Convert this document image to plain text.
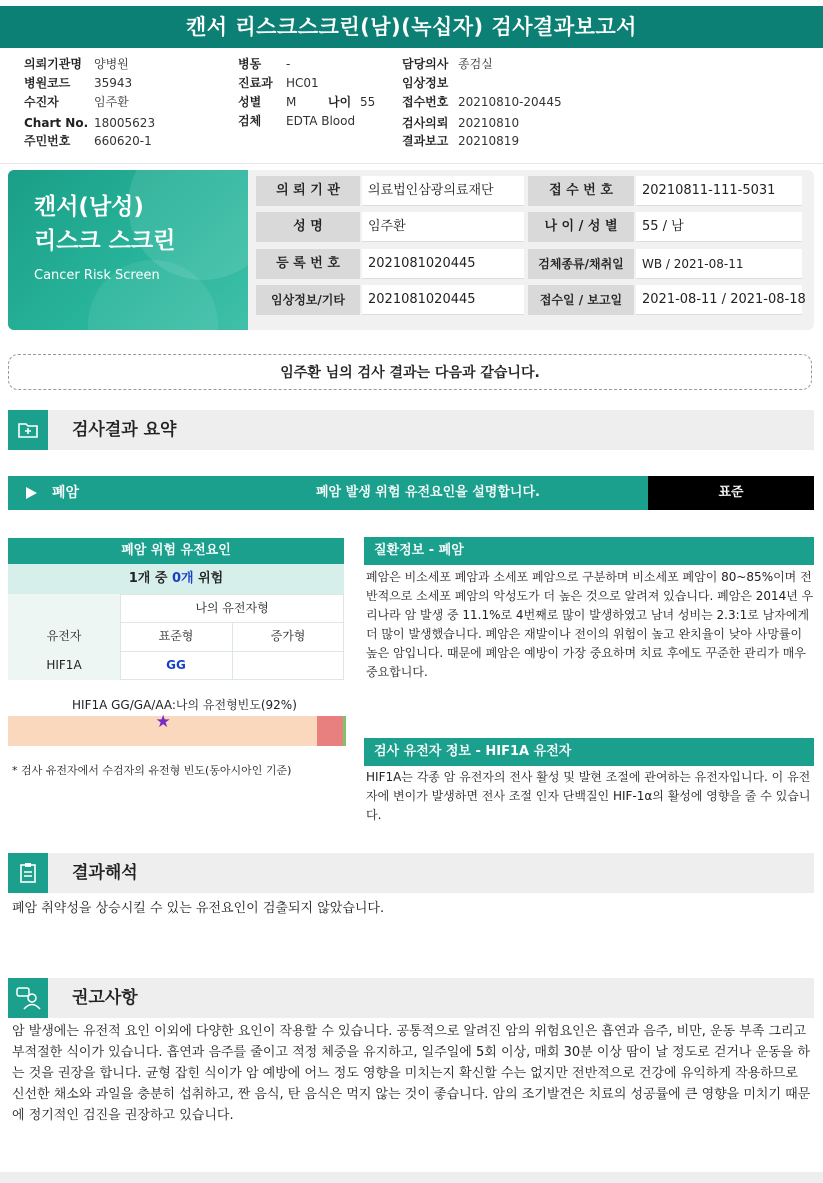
캔서 리스크스크린(남)(녹십자) 검사결과보고서
의뢰기관명 양병원
병원코드 35943
수진자	임주환
Chart No. 18005623
주민번호 660620-1
병동 -
진료과 HC01
성별 M	나이 55
검체 EDTA Blood
담당의사 종검실
임상정보
접수번호 20210810-20445
검사의뢰 20210810
결과보고 20210819
캔서(남성)
리스크 스크린
Cancer Risk Screen
의 뢰 기 관	의료법인삼광의료재단	접 수 번 호	20210811-111-5031
성 명	임주환	나 이 / 성 별	55 / 남
등 록 번 호	2021081020445	검체종류/채취일	WB / 2021-08-11
임상정보/기타	2021081020445	접수일 / 보고일	2021-08-11 / 2021-08-18
임주환 님의 검사 결과는 다음과 같습니다.
검사결과 요약
폐암	폐암 발생 위험 유전요인을 설명합니다.	표준
폐암 위험 유전요인
1개 중 0개 위험
나의 유전자형
유전자	표준형	증가형
HIF1A	GG
HIF1A GG/GA/AA:나의 유전형빈도(92%)
★
* 검사 유전자에서 수검자의 유전형 빈도(동아시아인 기준)
질환정보 - 폐암
폐암은 비소세포 폐암과 소세포 폐암으로 구분하며 비소세포 폐암이 80~85%이며 전반적으로 소세포 폐암의 악성도가 더 높은 것으로 알려져 있습니다. 폐암은 2014년 우리나라 암 발생 중 11.1%로 4번째로 많이 발생하였고 남녀 성비는 2.3:1로 남자에게 더 많이 발생했습니다. 폐암은 재발이나 전이의 위험이 높고 완치율이 낮아 사망률이 높은 암입니다. 때문에 폐암은 예방이 가장 중요하며 치료 후에도 꾸준한 관리가 매우 중요합니다.
검사 유전자 정보 - HIF1A 유전자
HIF1A는 각종 암 유전자의 전사 활성 및 발현 조절에 관여하는 유전자입니다. 이 유전자에 변이가 발생하면 전사 조절 인자 단백질인 HIF-1α의 활성에 영향을 줄 수 있습니다.
결과해석
폐암 취약성을 상승시킬 수 있는 유전요인이 검출되지 않았습니다.
권고사항
암 발생에는 유전적 요인 이외에 다양한 요인이 작용할 수 있습니다. 공통적으로 알려진 암의 위험요인은 흡연과 음주, 비만, 운동 부족 그리고 부적절한 식이가 있습니다. 흡연과 음주를 줄이고 적정 체중을 유지하고, 일주일에 5회 이상, 매회 30분 이상 땀이 날 정도로 걷거나 운동을 하는 것을 권장을 합니다. 균형 잡힌 식이가 암 예방에 어느 정도 영향을 미치는지 확신할 수는 없지만 전반적으로 건강에 유익하게 작용하므로 신선한 채소와 과일을 충분히 섭취하고, 짠 음식, 탄 음식은 먹지 않는 것이 좋습니다. 암의 조기발견은 치료의 성공률에 큰 영향을 미치기 때문에 정기적인 검진을 권장하고 있습니다.
